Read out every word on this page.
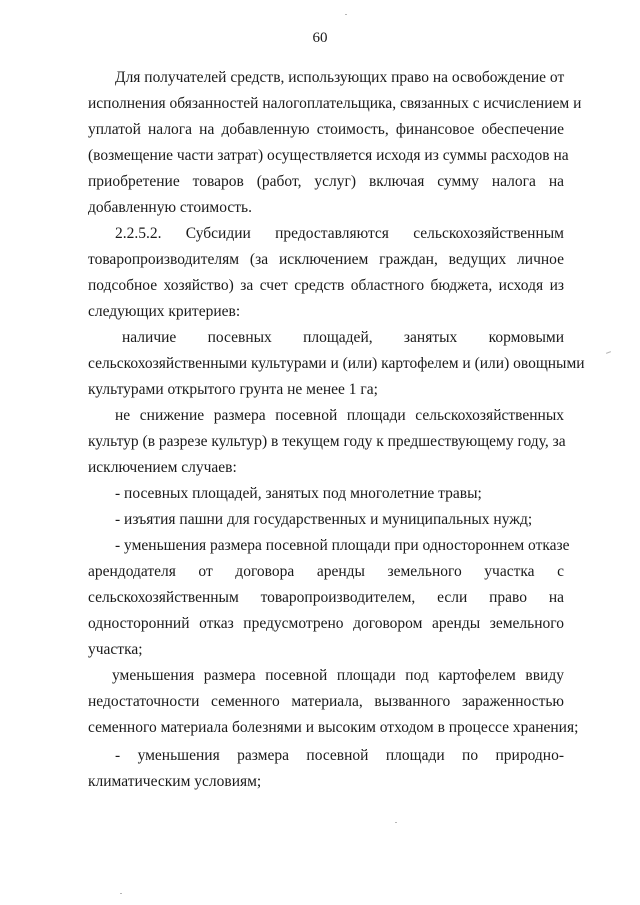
60
Для получателей средств, использующих право на освобождение от
исполнения обязанностей налогоплательщика, связанных с исчислением и
уплатой налога на добавленную стоимость, финансовое обеспечение
(возмещение части затрат) осуществляется исходя из суммы расходов на
приобретение товаров (работ, услуг) включая сумму налога на
добавленную стоимость.
2.2.5.2. Субсидии предоставляются сельскохозяйственным
товаропроизводителям (за исключением граждан, ведущих личное
подсобное хозяйство) за счет средств областного бюджета, исходя из
следующих критериев:
наличие посевных площадей, занятых кормовыми
сельскохозяйственными культурами и (или) картофелем и (или) овощными
культурами открытого грунта не менее 1 га;
не снижение размера посевной площади сельскохозяйственных
культур (в разрезе культур) в текущем году к предшествующему году, за
исключением случаев:
- посевных площадей, занятых под многолетние травы;
- изъятия пашни для государственных и муниципальных нужд;
- уменьшения размера посевной площади при одностороннем отказе
арендодателя от договора аренды земельного участка с
сельскохозяйственным товаропроизводителем, если право на
односторонний отказ предусмотрено договором аренды земельного
участка;
уменьшения размера посевной площади под картофелем ввиду
недостаточности семенного материала, вызванного зараженностью
семенного материала болезнями и высоким отходом в процессе хранения;
- уменьшения размера посевной площади по природно-
климатическим условиям;
